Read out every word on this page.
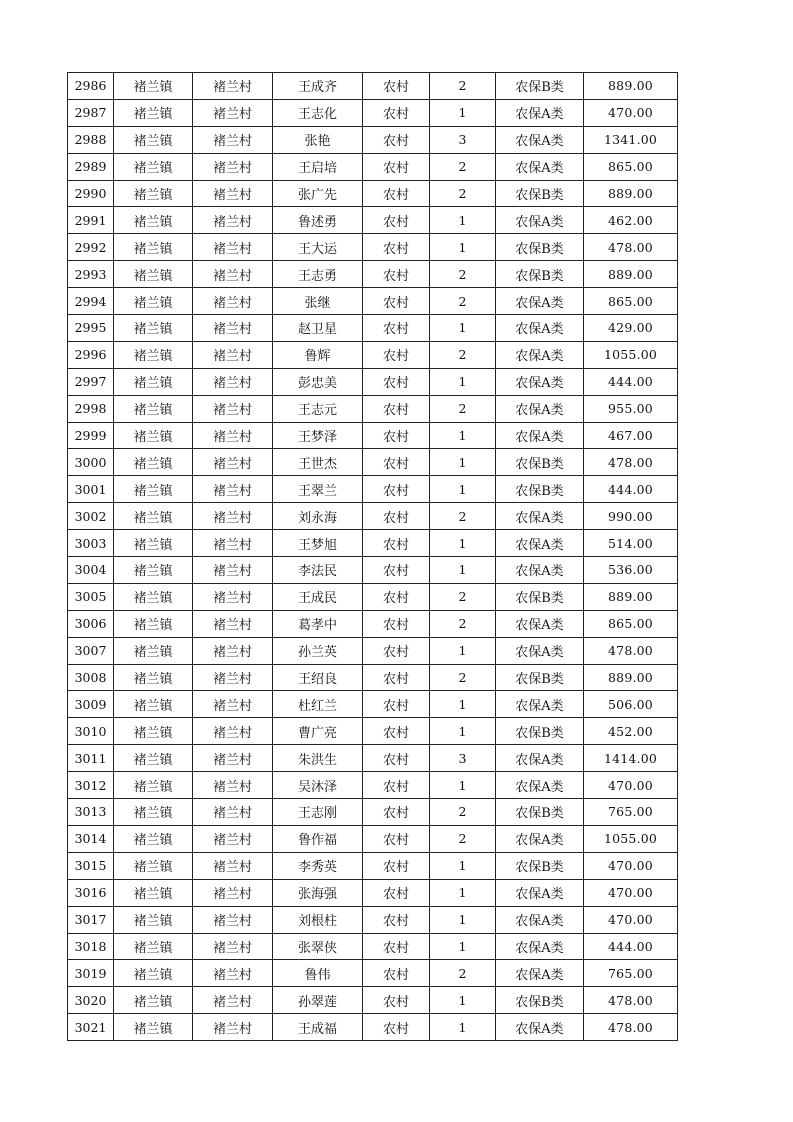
2986	褚兰镇	褚兰村	王成齐	农村	2	农保B类	889.00
2987	褚兰镇	褚兰村	王志化	农村	1	农保A类	470.00
2988	褚兰镇	褚兰村	张艳	农村	3	农保A类	1341.00
2989	褚兰镇	褚兰村	王启培	农村	2	农保A类	865.00
2990	褚兰镇	褚兰村	张广先	农村	2	农保B类	889.00
2991	褚兰镇	褚兰村	鲁述勇	农村	1	农保A类	462.00
2992	褚兰镇	褚兰村	王大运	农村	1	农保B类	478.00
2993	褚兰镇	褚兰村	王志勇	农村	2	农保B类	889.00
2994	褚兰镇	褚兰村	张继	农村	2	农保A类	865.00
2995	褚兰镇	褚兰村	赵卫星	农村	1	农保A类	429.00
2996	褚兰镇	褚兰村	鲁辉	农村	2	农保A类	1055.00
2997	褚兰镇	褚兰村	彭忠美	农村	1	农保A类	444.00
2998	褚兰镇	褚兰村	王志元	农村	2	农保A类	955.00
2999	褚兰镇	褚兰村	王梦泽	农村	1	农保A类	467.00
3000	褚兰镇	褚兰村	王世杰	农村	1	农保B类	478.00
3001	褚兰镇	褚兰村	王翠兰	农村	1	农保B类	444.00
3002	褚兰镇	褚兰村	刘永海	农村	2	农保A类	990.00
3003	褚兰镇	褚兰村	王梦旭	农村	1	农保A类	514.00
3004	褚兰镇	褚兰村	李法民	农村	1	农保A类	536.00
3005	褚兰镇	褚兰村	王成民	农村	2	农保B类	889.00
3006	褚兰镇	褚兰村	葛孝中	农村	2	农保A类	865.00
3007	褚兰镇	褚兰村	孙兰英	农村	1	农保A类	478.00
3008	褚兰镇	褚兰村	王绍良	农村	2	农保B类	889.00
3009	褚兰镇	褚兰村	杜红兰	农村	1	农保A类	506.00
3010	褚兰镇	褚兰村	曹广亮	农村	1	农保B类	452.00
3011	褚兰镇	褚兰村	朱洪生	农村	3	农保A类	1414.00
3012	褚兰镇	褚兰村	吴沐泽	农村	1	农保A类	470.00
3013	褚兰镇	褚兰村	王志刚	农村	2	农保B类	765.00
3014	褚兰镇	褚兰村	鲁作福	农村	2	农保A类	1055.00
3015	褚兰镇	褚兰村	李秀英	农村	1	农保B类	470.00
3016	褚兰镇	褚兰村	张海强	农村	1	农保A类	470.00
3017	褚兰镇	褚兰村	刘根柱	农村	1	农保A类	470.00
3018	褚兰镇	褚兰村	张翠侠	农村	1	农保A类	444.00
3019	褚兰镇	褚兰村	鲁伟	农村	2	农保A类	765.00
3020	褚兰镇	褚兰村	孙翠莲	农村	1	农保B类	478.00
3021	褚兰镇	褚兰村	王成福	农村	1	农保A类	478.00
